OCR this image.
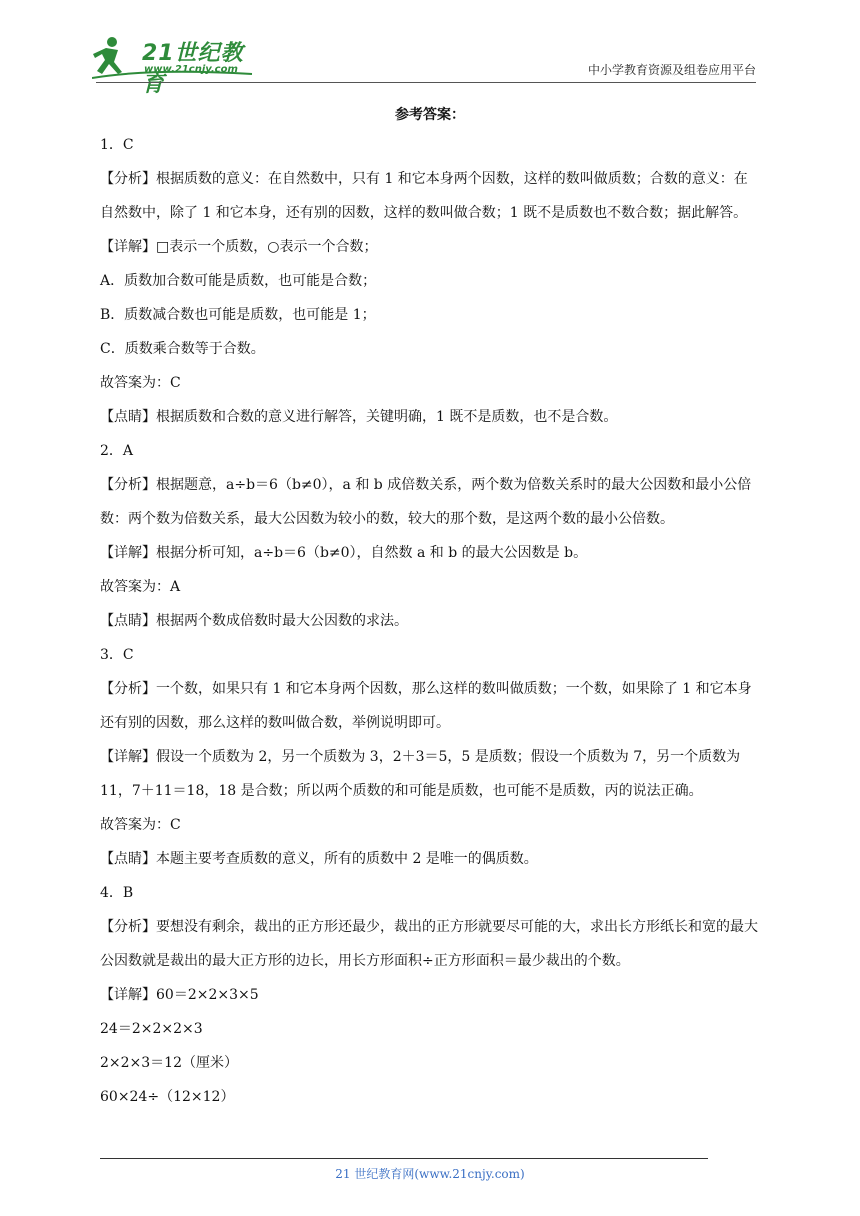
21世纪教育
www.21cnjy.com	中小学教育资源及组卷应用平台
参考答案：

1．C

【分析】根据质数的意义：在自然数中，只有 1 和它本身两个因数，这样的数叫做质数；合数的意义：在自然数中，除了 1 和它本身，还有别的因数，这样的数叫做合数；1 既不是质数也不数合数；据此解答。

【详解】□表示一个质数，○表示一个合数；

A．质数加合数可能是质数，也可能是合数；

B．质数减合数也可能是质数，也可能是 1；

C．质数乘合数等于合数。

故答案为：C

【点睛】根据质数和合数的意义进行解答，关键明确，1 既不是质数，也不是合数。

2．A

【分析】根据题意，a÷b＝6（b≠0），a 和 b 成倍数关系，两个数为倍数关系时的最大公因数和最小公倍数：两个数为倍数关系，最大公因数为较小的数，较大的那个数，是这两个数的最小公倍数。

【详解】根据分析可知，a÷b＝6（b≠0），自然数 a 和 b 的最大公因数是 b。

故答案为：A

【点睛】根据两个数成倍数时最大公因数的求法。

3．C

【分析】一个数，如果只有 1 和它本身两个因数，那么这样的数叫做质数；一个数，如果除了 1 和它本身还有别的因数，那么这样的数叫做合数，举例说明即可。

【详解】假设一个质数为 2，另一个质数为 3，2＋3＝5，5 是质数；假设一个质数为 7，另一个质数为 11，7＋11＝18，18 是合数；所以两个质数的和可能是质数，也可能不是质数，丙的说法正确。

故答案为：C

【点睛】本题主要考查质数的意义，所有的质数中 2 是唯一的偶质数。

4．B

【分析】要想没有剩余，裁出的正方形还最少，裁出的正方形就要尽可能的大，求出长方形纸长和宽的最大公因数就是裁出的最大正方形的边长，用长方形面积÷正方形面积＝最少裁出的个数。

【详解】60＝2×2×3×5

24＝2×2×2×3

2×2×3＝12（厘米）

60×24÷（12×12）

21 世纪教育网(www.21cnjy.com)
